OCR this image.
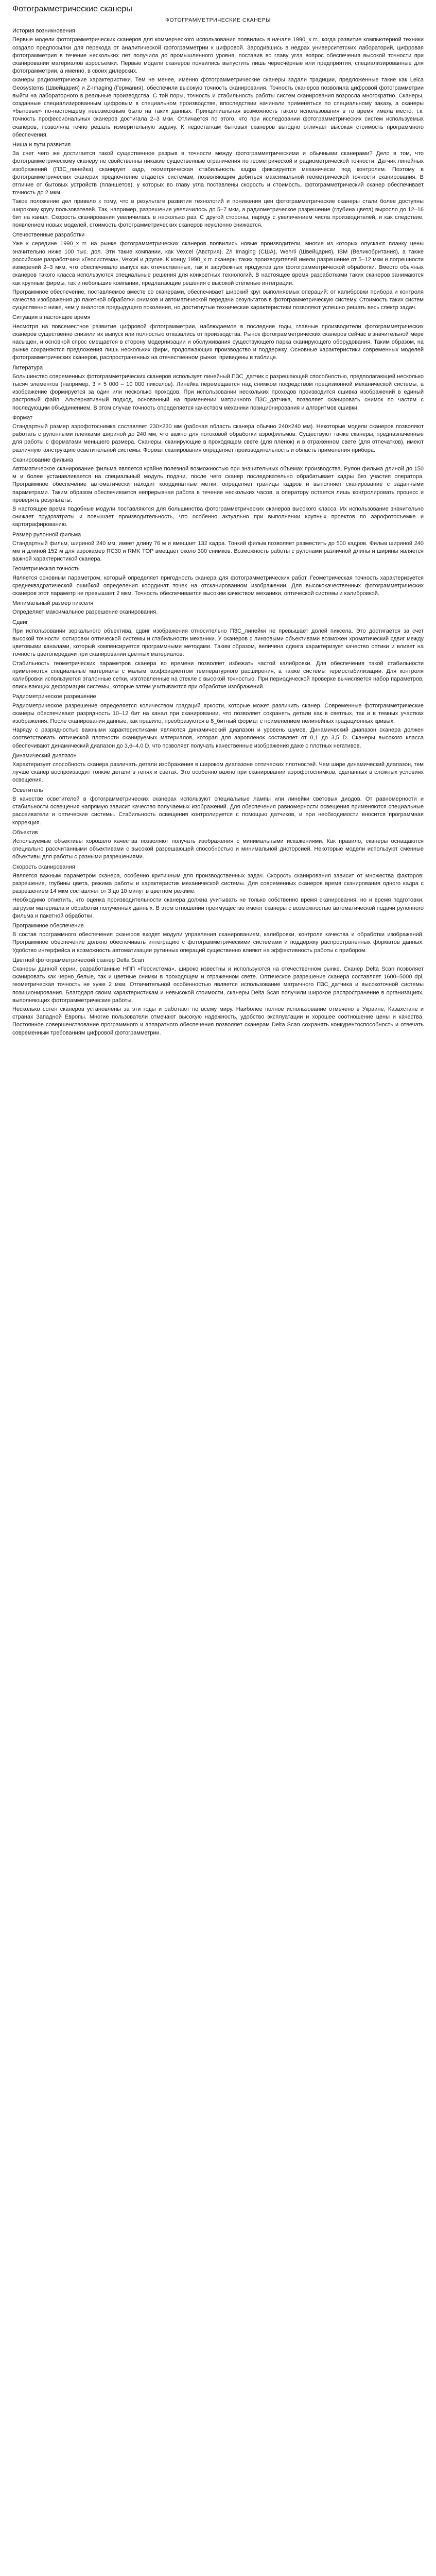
Фотограмметрические сканеры
ФОТОГРАММЕТРИЧЕСКИЕ СКАНЕРЫ
История возникновения
Первые модели фотограмметрических сканеров для коммерческого использования появились в начале 1990_х гг., когда развитие компьютерной техники создало предпосылки для перехода от аналитической фотограмметрии к цифровой. Зародившись в недрах университетских лабораторий, цифровая фотограмметрия в течение нескольких лет получила до промышленного уровня, поставив во главу угла вопрос обеспечения высокой точности при сканировании материалов аэросъемки. Первые модели сканеров появились выпустить лишь чересчёрные или предприятия, специализированные для фотограмметрии, а именно, в своих дилерских.
сканеры радиометрические характеристики. Тем не менее, именно фотограмметрические сканеры задали традиции, предложенные такие как Leica Geosystems (Швейцария) и Z-Imaging (Германия), обеспечили высокую точность сканирования. Точность сканеров позволила цифровой фотограмметрии выйти на лабораторного в реальные производства. С той поры, точность и стабильность работы систем сканирования возросла многократно. Сканеры, созданные специализированным цифровым в специальном производстве, впоследствии начинали применяться по специальному заказу, а сканеры «бытовые» по-настоящему невозможным было на таких данных. Принципиальная возможность такого использования в то время имела место, т.к. точность профессиональных сканеров достигала 2–3 мкм. Отличается по этого, что при исследовании фотограмметрических систем используемых сканеров, позволяла точно решать измерительную задачу. К недостаткам бытовых сканеров выгодно отличает высокая стоимость программного обеспечения.
Ниша и пути развития
За счет чего же достигается такой существенное разрыв в точности между фотограмметрическими и обычными сканерами? Дело в том, что фотограмметрическому сканеру не свойственны никакие существенные ограничения по геометрической и радиометрической точности. Датчик линейных изображений (ПЗС_линейка) сканирует кадр, геометрическая стабильность кадра фиксируется механически под контролем. Поэтому в фотограмметрических сканерах предпочтение отдается системам, позволяющим добиться максимальной геометрической точности сканирования. В отличие от бытовых устройств (планшетов), у которых во главу угла поставлены скорость и стоимость, фотограмметрический сканер обеспечивает точность до 2 мкм.
Такое положение дел привело к тому, что в результате развития технологий и понижения цен фотограмметрические сканеры стали более доступны широкому кругу пользователей. Так, например, разрешение увеличилось до 5–7 мкм, а радиометрическое разрешение (глубина цвета) выросло до 12–16 бит на канал. Скорость сканирования увеличилась в несколько раз. С другой стороны, наряду с увеличением числа производителей, и как следствие, появлением новых моделей, стоимость фотограмметрических сканеров неуклонно снижается.
Отечественные разработки
Уже к середине 1990_х гг. на рынке фотограмметрических сканеров появились новые производители, многие из которых опускают планку цены значительно ниже 100 тыс. дол. Эти такие компании, как Vexcel (Австрия), Z/I Imaging (США), Wehrli (Швейцария), ISM (Великобритания), а также российские разработчики «Геосистема», Vexcel и другие. К концу 1990_х гг. сканеры таких производителей имели разрешение от 5–12 мкм и погрешности измерений 2–3 мкм, что обеспечивало выпуск как отечественных, так и зарубежных продуктов для фотограмметрической обработки. Вместо обычных сканеров такого класса используются специальные решения для конкретных технологий. В настоящее время разработками таких сканеров занимаются как крупные фирмы, так и небольшие компании, предлагающие решения с высокой степенью интеграции.
Программное обеспечение, поставляемое вместе со сканерами, обеспечивает широкий круг выполняемых операций: от калибровки прибора и контроля качества изображения до пакетной обработки снимков и автоматической передачи результатов в фотограмметрическую систему. Стоимость таких систем существенно ниже, чем у аналогов предыдущего поколения, но достигнутые технические характеристики позволяют успешно решать весь спектр задач.
Ситуация в настоящее время
Несмотря на повсеместное развитие цифровой фотограмметрии, наблюдаемое в последние годы, главные производители фотограмметрических сканеров существенно снизили их выпуск или полностью отказались от производства. Рынок фотограмметрических сканеров сейчас в значительной мере насыщен, и основной спрос смещается в сторону модернизации и обслуживания существующего парка сканирующего оборудования. Таким образом, на рынке сохраняются предложения лишь нескольких фирм, продолжающих производство и поддержку. Основные характеристики современных моделей фотограмметрических сканеров, распространенных на отечественном рынке, приведены в таблице.
Литература
Большинство современных фотограмметрических сканеров использует линейный ПЗС_датчик с разрешающей способностью, предполагающей несколько тысяч элементов (например, 3 × 5 000 – 10 000 пикселов). Линейка перемещается над снимком посредством прецизионной механической системы, а изображение формируется за один или несколько проходов. При использовании нескольких проходов производится сшивка изображений в единый растровый файл. Альтернативный подход, основанный на применении матричного ПЗС_датчика, позволяет сканировать снимок по частям с последующим объединением. В этом случае точность определяется качеством механики позиционирования и алгоритмов сшивки.
Формат
Стандартный размер аэрофотоснимка составляет 230×230 мм (рабочая область сканера обычно 240×240 мм). Некоторые модели сканеров позволяют работать с рулонными пленками шириной до 240 мм, что важно для потоковой обработки аэрофильмов. Существуют также сканеры, предназначенные для работы с форматами меньшего размера. Сканеры, сканирующие в проходящем свете (для пленок) и в отраженном свете (для отпечатков), имеют различную конструкцию осветительной системы. Формат сканирования определяет производительность и область применения прибора.
Сканирование фильма
Автоматическое сканирование фильма является крайне полезной возможностью при значительных объемах производства. Рулон фильма длиной до 150 м и более устанавливается на специальный модуль подачи, после чего сканер последовательно обрабатывает кадры без участия оператора. Программное обеспечение автоматически находит координатные метки, определяет границы кадров и выполняет сканирование с заданными параметрами. Таким образом обеспечивается непрерывная работа в течение нескольких часов, а оператору остается лишь контролировать процесс и проверять результаты.
В настоящее время подобные модули поставляются для большинства фотограмметрических сканеров высокого класса. Их использование значительно снижает трудозатраты и повышает производительность, что особенно актуально при выполнении крупных проектов по аэрофотосъемке и картографированию.
Размер рулонной фильма
Стандартный фильм, шириной 240 мм, имеет длину 76 м и вмещает 132 кадра. Тонкий фильм позволяет разместить до 500 кадров. Фильм шириной 240 мм и длиной 152 м для аэрокамер RC30 и RMK TOP вмещает около 300 снимков. Возможность работы с рулонами различной длины и ширины является важной характеристикой сканера.
Геометрическая точность
Является основным параметром, который определяет пригодность сканера для фотограмметрических работ. Геометрическая точность характеризуется среднеквадратической ошибкой определения координат точек на отсканированном изображении. Для высококачественных фотограмметрических сканеров этот параметр не превышает 2 мкм. Точность обеспечивается высоким качеством механики, оптической системы и калибровкой.
Минимальный размер пикселя
Определяет максимальное разрешение сканирования.
Сдвиг
При использовании зеркального объектива, сдвиг изображения относительно ПЗС_линейки не превышает долей пиксела. Это достигается за счет высокой точности юстировки оптической системы и стабильности механики. У сканеров с линзовыми объективами возможен хроматический сдвиг между цветовыми каналами, который компенсируется программными методами. Таким образом, величина сдвига характеризует качество оптики и влияет на точность цветопередачи при сканировании цветных материалов.
Стабильность геометрических параметров сканера во времени позволяет избежать частой калибровки. Для обеспечения такой стабильности применяются специальные материалы с малым коэффициентом температурного расширения, а также системы термостабилизации. Для контроля калибровки используются эталонные сетки, изготовленные на стекле с высокой точностью. При периодической проверке вычисляется набор параметров, описывающих деформации системы, которые затем учитываются при обработке изображений.
Радиометрическое разрешение
Радиометрическое разрешение определяется количеством градаций яркости, которые может различить сканер. Современные фотограмметрические сканеры обеспечивают разрядность 10–12 бит на канал при сканировании, что позволяет сохранять детали как в светлых, так и в темных участках изображения. После сканирования данные, как правило, преобразуются в 8_битный формат с применением нелинейных градационных кривых.
Наряду с разрядностью важными характеристиками являются динамический диапазон и уровень шумов. Динамический диапазон сканера должен соответствовать оптической плотности сканируемых материалов, которая для аэропленок составляет от 0,1 до 3,5 D. Сканеры высокого класса обеспечивают динамический диапазон до 3,6–4,0 D, что позволяет получать качественные изображения даже с плотных негативов.
Динамический диапазон
Характеризует способность сканера различать детали изображения в широком диапазоне оптических плотностей. Чем шире динамический диапазон, тем лучше сканер воспроизводит тонкие детали в тенях и светах. Это особенно важно при сканировании аэрофотоснимков, сделанных в сложных условиях освещения.
Осветитель
В качестве осветителей в фотограмметрических сканерах используют специальные лампы или линейки световых диодов. От равномерности и стабильности освещения напрямую зависит качество получаемых изображений. Для обеспечения равномерности освещения применяются специальные рассеиватели и оптические системы. Стабильность освещения контролируется с помощью датчиков, и при необходимости вносится программная коррекция.
Объектив
Используемые объективы хорошего качества позволяют получать изображения с минимальными искажениями. Как правило, сканеры оснащаются специально рассчитанными объективами с высокой разрешающей способностью и минимальной дисторсией. Некоторые модели используют сменные объективы для работы с разными разрешениями.
Скорость сканирования
Является важным параметром сканера, особенно критичным для производственных задач. Скорость сканирования зависит от множества факторов: разрешения, глубины цвета, режима работы и характеристик механической системы. Для современных сканеров время сканирования одного кадра с разрешением 14 мкм составляет от 3 до 10 минут в цветном режиме.
Необходимо отметить, что оценка производительности сканера должна учитывать не только собственно время сканирования, но и время подготовки, загрузки материала и обработки полученных данных. В этом отношении преимущество имеют сканеры с возможностью автоматической подачи рулонного фильма и пакетной обработки.
Программное обеспечение
В состав программного обеспечения сканеров входят модули управления сканированием, калибровки, контроля качества и обработки изображений. Программное обеспечение должно обеспечивать интеграцию с фотограмметрическими системами и поддержку распространенных форматов данных. Удобство интерфейса и возможность автоматизации рутинных операций существенно влияют на эффективность работы с прибором.
Цветной фотограмметрический сканер Delta Scan
Сканеры данной серии, разработанные НПП «Геосистема», широко известны и используются на отечественном рынке. Сканер Delta Scan позволяет сканировать как черно_белые, так и цветные снимки в проходящем и отраженном свете. Оптическое разрешение сканера составляет 1600–5000 dpi, геометрическая точность не хуже 2 мкм. Отличительной особенностью является использование матричного ПЗС_датчика и высокоточной системы позиционирования. Благодаря своим характеристикам и невысокой стоимости, сканеры Delta Scan получили широкое распространение в организациях, выполняющих фотограмметрические работы.
Несколько сотен сканеров установлены за эти годы и работают по всему миру. Наиболее полное использование отмечено в Украине, Казахстане и странах Западной Европы. Многие пользователи отмечают высокую надежность, удобство эксплуатации и хорошее соотношение цены и качества. Постоянное совершенствование программного и аппаратного обеспечения позволяет сканерам Delta Scan сохранять конкурентоспособность и отвечать современным требованиям цифровой фотограмметрии.
